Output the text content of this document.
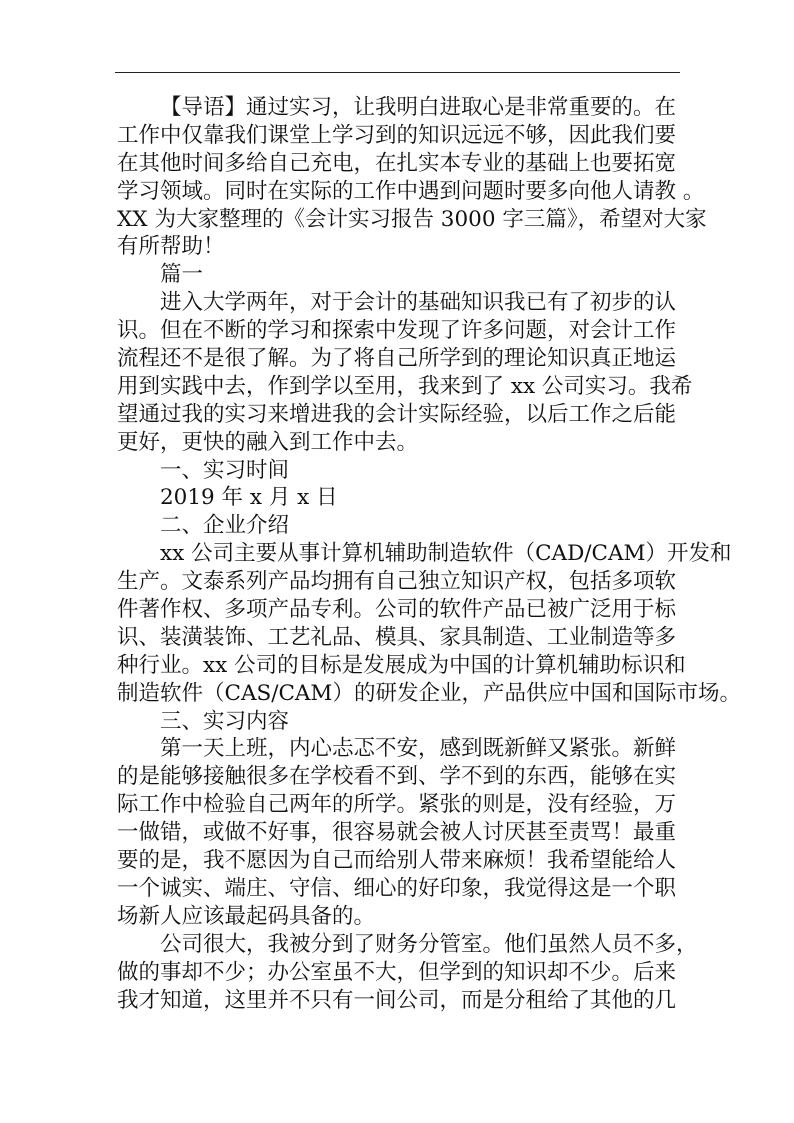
【导语】通过实习，让我明白进取心是非常重要的。在
工作中仅靠我们课堂上学习到的知识远远不够，因此我们要
在其他时间多给自己充电，在扎实本专业的基础上也要拓宽
学习领域。同时在实际的工作中遇到问题时要多向他人请教 。
XX 为大家整理的《会计实习报告 3000 字三篇》，希望对大家
有所帮助！
篇一
进入大学两年，对于会计的基础知识我已有了初步的认
识。但在不断的学习和探索中发现了许多问题，对会计工作
流程还不是很了解。为了将自己所学到的理论知识真正地运
用到实践中去，作到学以至用，我来到了 xx 公司实习。我希
望通过我的实习来增进我的会计实际经验，以后工作之后能
更好，更快的融入到工作中去。
一、实习时间
2019 年 x 月 x 日
二、企业介绍
xx 公司主要从事计算机辅助制造软件（CAD/CAM）开发和
生产。文泰系列产品均拥有自己独立知识产权，包括多项软
件著作权、多项产品专利。公司的软件产品已被广泛用于标
识、装潢装饰、工艺礼品、模具、家具制造、工业制造等多
种行业。xx 公司的目标是发展成为中国的计算机辅助标识和
制造软件（CAS/CAM）的研发企业，产品供应中国和国际市场。
三、实习内容
第一天上班，内心忐忑不安，感到既新鲜又紧张。新鲜
的是能够接触很多在学校看不到、学不到的东西，能够在实
际工作中检验自己两年的所学。紧张的则是，没有经验，万
一做错，或做不好事，很容易就会被人讨厌甚至责骂！最重
要的是，我不愿因为自己而给别人带来麻烦！我希望能给人
一个诚实、端庄、守信、细心的好印象，我觉得这是一个职
场新人应该最起码具备的。
公司很大，我被分到了财务分管室。他们虽然人员不多，
做的事却不少；办公室虽不大，但学到的知识却不少。后来
我才知道，这里并不只有一间公司，而是分租给了其他的几
